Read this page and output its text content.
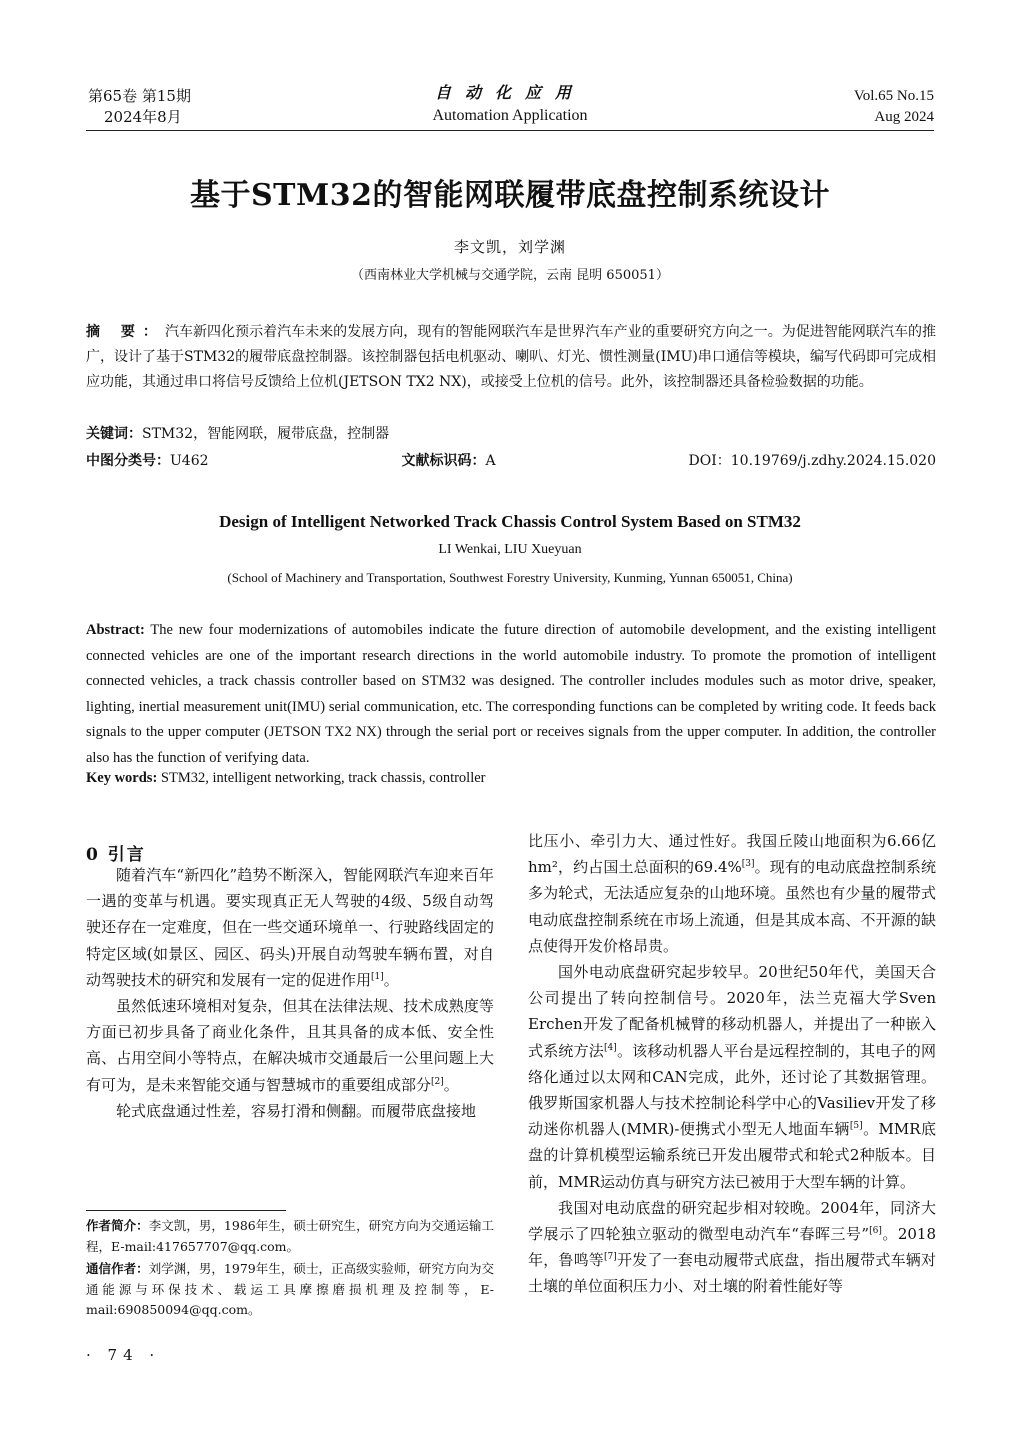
第65卷 第15期
2024年8月
自动化应用
Automation Application
Vol.65 No.15
Aug 2024
基于STM32的智能网联履带底盘控制系统设计
李文凯，刘学渊
（西南林业大学机械与交通学院，云南 昆明 650051）
摘 要：汽车新四化预示着汽车未来的发展方向，现有的智能网联汽车是世界汽车产业的重要研究方向之一。为促进智能网联汽车的推广，设计了基于STM32的履带底盘控制器。该控制器包括电机驱动、喇叭、灯光、惯性测量(IMU)串口通信等模块，编写代码即可完成相应功能，其通过串口将信号反馈给上位机(JETSON TX2 NX)，或接受上位机的信号。此外，该控制器还具备检验数据的功能。
关键词：STM32，智能网联，履带底盘，控制器
中图分类号：U462	文献标识码：A	DOI：10.19769/j.zdhy.2024.15.020
Design of Intelligent Networked Track Chassis Control System Based on STM32
LI Wenkai, LIU Xueyuan
(School of Machinery and Transportation, Southwest Forestry University, Kunming, Yunnan 650051, China)
Abstract: The new four modernizations of automobiles indicate the future direction of automobile development, and the existing intelligent connected vehicles are one of the important research directions in the world automobile industry. To promote the promotion of intelligent connected vehicles, a track chassis controller based on STM32 was designed. The controller includes modules such as motor drive, speaker, lighting, inertial measurement unit(IMU) serial communication, etc. The corresponding functions can be completed by writing code. It feeds back signals to the upper computer (JETSON TX2 NX) through the serial port or receives signals from the upper computer. In addition, the controller also has the function of verifying data.
Key words: STM32, intelligent networking, track chassis, controller
0 引言

随着汽车“新四化”趋势不断深入，智能网联汽车迎来百年一遇的变革与机遇。要实现真正无人驾驶的4级、5级自动驾驶还存在一定难度，但在一些交通环境单一、行驶路线固定的特定区域(如景区、园区、码头)开展自动驾驶车辆布置，对自动驾驶技术的研究和发展有一定的促进作用[1]。

虽然低速环境相对复杂，但其在法律法规、技术成熟度等方面已初步具备了商业化条件，且其具备的成本低、安全性高、占用空间小等特点，在解决城市交通最后一公里问题上大有可为，是未来智能交通与智慧城市的重要组成部分[2]。

轮式底盘通过性差，容易打滑和侧翻。而履带底盘接地

作者简介：李文凯，男，1986年生，硕士研究生，研究方向为交通运输工程，E-mail:417657707@qq.com。

通信作者：刘学渊，男，1979年生，硕士，正高级实验师，研究方向为交通能源与环保技术、载运工具摩擦磨损机理及控制等，E-mail:690850094@qq.com。

比压小、牵引力大、通过性好。我国丘陵山地面积为6.66亿hm²，约占国土总面积的69.4%[3]。现有的电动底盘控制系统多为轮式，无法适应复杂的山地环境。虽然也有少量的履带式电动底盘控制系统在市场上流通，但是其成本高、不开源的缺点使得开发价格昂贵。

国外电动底盘研究起步较早。20世纪50年代，美国天合公司提出了转向控制信号。2020年，法兰克福大学Sven Erchen开发了配备机械臂的移动机器人，并提出了一种嵌入式系统方法[4]。该移动机器人平台是远程控制的，其电子的网络化通过以太网和CAN完成，此外，还讨论了其数据管理。俄罗斯国家机器人与技术控制论科学中心的Vasiliev开发了移动迷你机器人(MMR)-便携式小型无人地面车辆[5]。MMR底盘的计算机模型运输系统已开发出履带式和轮式2种版本。目前，MMR运动仿真与研究方法已被用于大型车辆的计算。

我国对电动底盘的研究起步相对较晚。2004年，同济大学展示了四轮独立驱动的微型电动汽车“春晖三号”[6]。2018年，鲁鸣等[7]开发了一套电动履带式底盘，指出履带式车辆对土壤的单位面积压力小、对土壤的附着性能好等

· 74 ·
